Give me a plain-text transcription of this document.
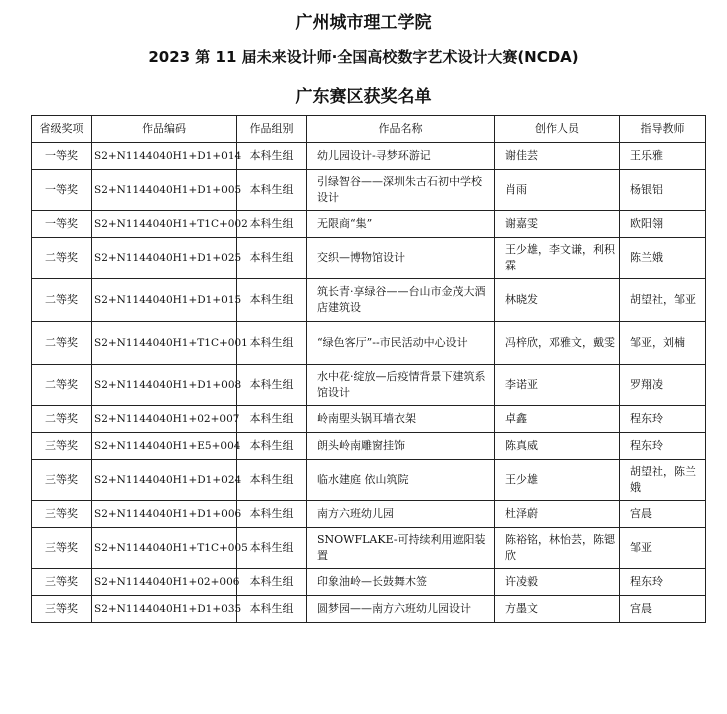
广州城市理工学院
2023 第 11 届未来设计师·全国高校数字艺术设计大赛(NCDA)
广东赛区获奖名单
省级奖项	作品编码	作品组别	作品名称	创作人员	指导教师
一等奖	S2+N1144040H1+D1+014	本科生组	幼儿园设计-寻梦环游记	谢佳芸	王乐雅
一等奖	S2+N1144040H1+D1+005	本科生组	引绿智谷——深圳朱古石初中学校设计	肖雨	杨银铝
一等奖	S2+N1144040H1+T1C+002	本科生组	无限商“集”	谢嘉雯	欧阳翎
二等奖	S2+N1144040H1+D1+025	本科生组	交织—博物馆设计	王少雄，李文谦，利积霖	陈兰娥
二等奖	S2+N1144040H1+D1+015	本科生组	筑长青·享绿谷——台山市金茂大酒店建筑设	林晓发	胡望社，邹亚
二等奖	S2+N1144040H1+T1C+001	本科生组	“绿色客厅”--市民活动中心设计	冯梓欣，邓雅文，戴雯	邹亚，刘楠
二等奖	S2+N1144040H1+D1+008	本科生组	水中花·绽放—后疫情背景下建筑系馆设计	李诺亚	罗翔凌
二等奖	S2+N1144040H1+02+007	本科生组	岭南堲头锅耳墙衣架	卓鑫	程东玲
三等奖	S2+N1144040H1+E5+004	本科生组	朗头岭南雕窗挂饰	陈真威	程东玲
三等奖	S2+N1144040H1+D1+024	本科生组	临水建庭 依山筑院	王少雄	胡望社，陈兰娥
三等奖	S2+N1144040H1+D1+006	本科生组	南方六班幼儿园	杜泽蔚	宫晨
三等奖	S2+N1144040H1+T1C+005	本科生组	SNOWFLAKE-可持续利用遮阳装置	陈裕铭，林怡芸，陈锶欣	邹亚
三等奖	S2+N1144040H1+02+006	本科生组	印象油岭—长鼓舞木签	许凌毅	程东玲
三等奖	S2+N1144040H1+D1+035	本科生组	圆梦园——南方六班幼儿园设计	方墨文	宫晨
